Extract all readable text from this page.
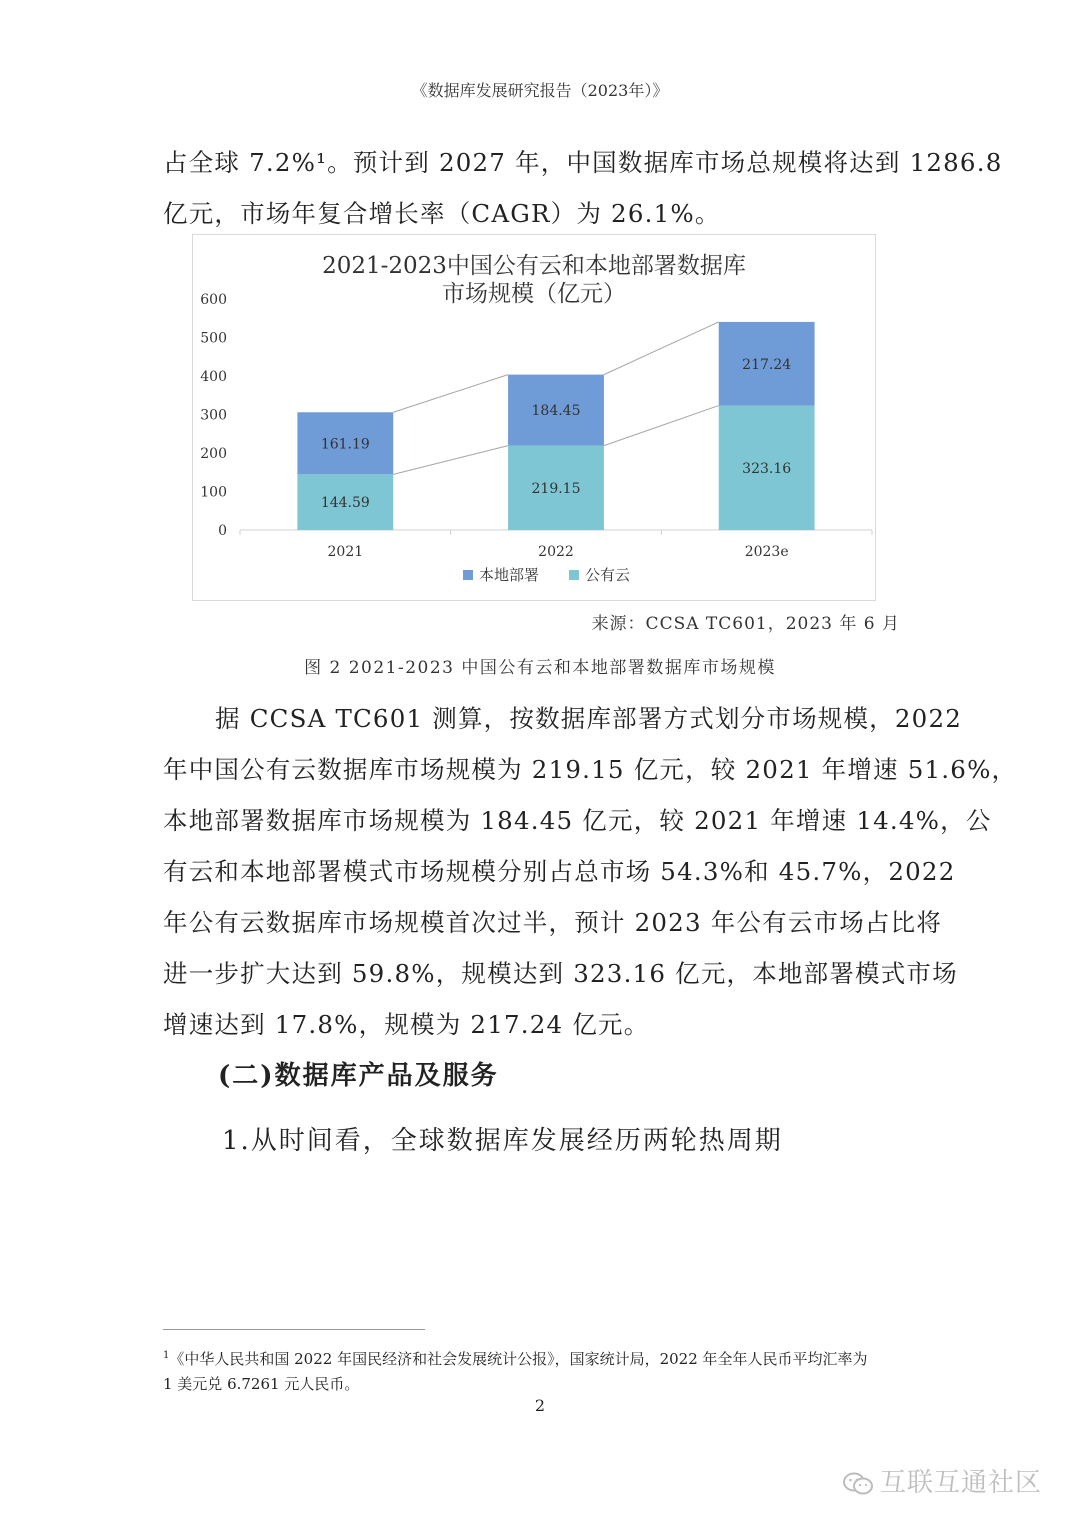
《数据库发展研究报告（2023年）》

占全球 7.2%¹。预计到 2027 年，中国数据库市场总规模将达到 1286.8

亿元，市场年复合增长率（CAGR）为 26.1%。

2021-2023中国公有云和本地部署数据库
市场规模（亿元）
0
100
200
300
400
500
600
144.59
161.19
2021
219.15
184.45
2022
323.16
217.24
2023e
本地部署	公有云
来源：CCSA TC601，2023 年 6 月
图 2 2021-2023 中国公有云和本地部署数据库市场规模

据 CCSA TC601 测算，按数据库部署方式划分市场规模，2022

年中国公有云数据库市场规模为 219.15 亿元，较 2021 年增速 51.6%，

本地部署数据库市场规模为 184.45 亿元，较 2021 年增速 14.4%，公

有云和本地部署模式市场规模分别占总市场 54.3%和 45.7%，2022

年公有云数据库市场规模首次过半，预计 2023 年公有云市场占比将

进一步扩大达到 59.8%，规模达到 323.16 亿元，本地部署模式市场

增速达到 17.8%，规模为 217.24 亿元。

(二)数据库产品及服务
1.从时间看，全球数据库发展经历两轮热周期
$^1$《中华人民共和国 2022 年国民经济和社会发展统计公报》，国家统计局，2022 年全年人民币平均汇率为
1 美元兑 6.7261 元人民币。
2
互联互通社区
